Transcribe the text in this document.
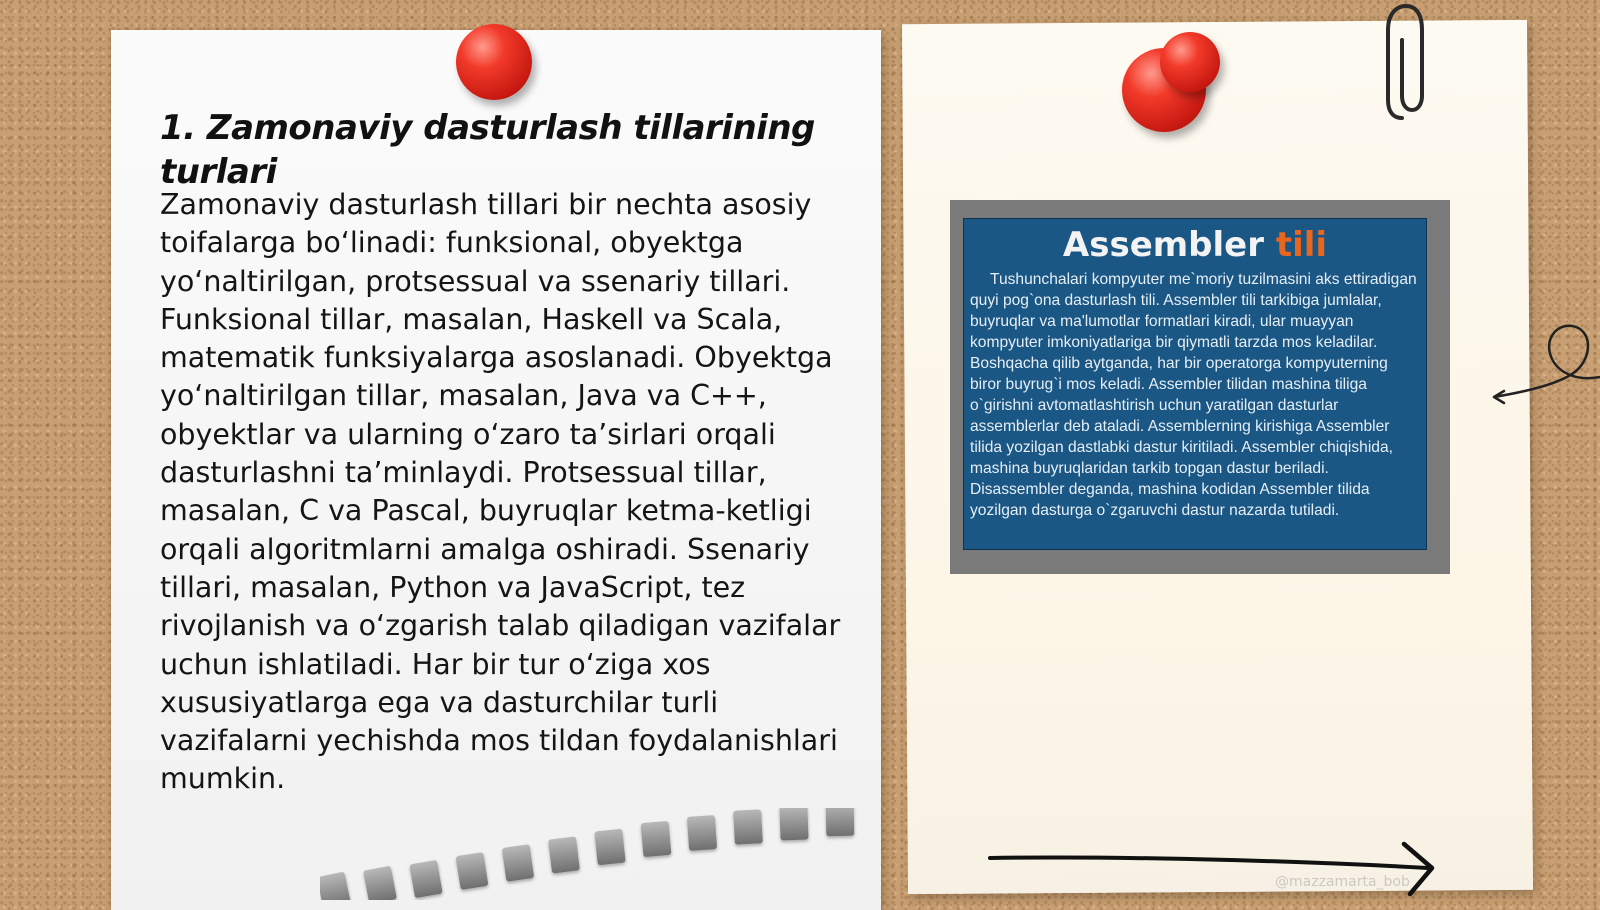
1. Zamonaviy dasturlash tillarining turlari

Zamonaviy dasturlash tillari bir nechta asosiy toifalarga bo‘linadi: funksional, obyektga yo‘naltirilgan, protsessual va ssenariy tillari. Funksional tillar, masalan, Haskell va Scala, matematik funksiyalarga asoslanadi. Obyektga yo‘naltirilgan tillar, masalan, Java va C++, obyektlar va ularning o‘zaro ta’sirlari orqali dasturlashni ta’minlaydi. Protsessual tillar, masalan, C va Pascal, buyruqlar ketma-ketligi orqali algoritmlarni amalga oshiradi. Ssenariy tillari, masalan, Python va JavaScript, tez rivojlanish va o‘zgarish talab qiladigan vazifalar uchun ishlatiladi. Har bir tur o‘ziga xos xususiyatlarga ega va dasturchilar turli vazifalarni yechishda mos tildan foydalanishlari mumkin.

Assembler tili
Tushunchalari kompyuter me`moriy tuzilmasini aks ettiradigan quyi pog`ona dasturlash tili. Assembler tili tarkibiga jumlalar, buyruqlar va ma'lumotlar formatlari kiradi, ular muayyan kompyuter imkoniyatlariga bir qiymatli tarzda mos keladilar. Boshqacha qilib aytganda, har bir operatorga kompyuterning biror buyrug`i mos keladi. Assembler tilidan mashina tiliga o`girishni avtomatlashtirish uchun yaratilgan dasturlar assemblerlar deb ataladi. Assemblerning kirishiga Assembler tilida yozilgan dastlabki dastur kiritiladi. Assembler chiqishida, mashina buyruqlaridan tarkib topgan dastur beriladi. Disassembler deganda, mashina kodidan Assembler tilida yozilgan dasturga o`zgaruvchi dastur nazarda tutiladi.
@mazzamarta_bob
